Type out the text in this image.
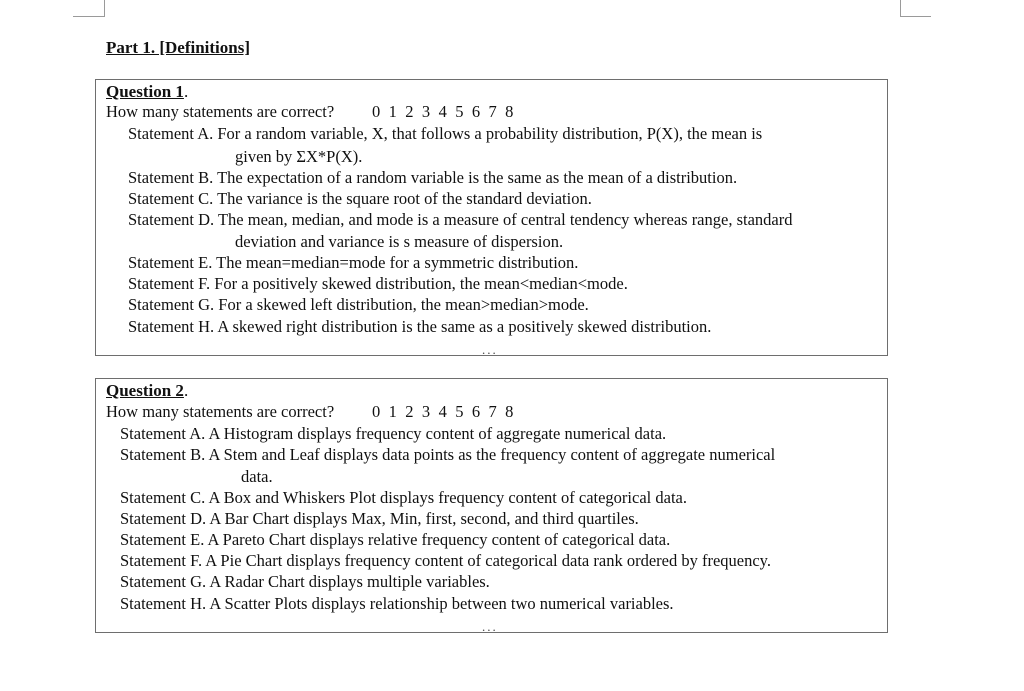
Part 1. [Definitions]
Question 1.
How many statements are correct? 0 1 2 3 4 5 6 7 8
Statement A. For a random variable, X, that follows a probability distribution, P(X), the mean is
given by ΣX*P(X).
Statement B. The expectation of a random variable is the same as the mean of a distribution.
Statement C. The variance is the square root of the standard deviation.
Statement D. The mean, median, and mode is a measure of central tendency whereas range, standard
deviation and variance is s measure of dispersion.
Statement E. The mean=median=mode for a symmetric distribution.
Statement F. For a positively skewed distribution, the mean<median<mode.
Statement G. For a skewed left distribution, the mean>median>mode.
Statement H. A skewed right distribution is the same as a positively skewed distribution.
...
Question 2.
How many statements are correct? 0 1 2 3 4 5 6 7 8
Statement A. A Histogram displays frequency content of aggregate numerical data.
Statement B. A Stem and Leaf displays data points as the frequency content of aggregate numerical
data.
Statement C. A Box and Whiskers Plot displays frequency content of categorical data.
Statement D. A Bar Chart displays Max, Min, first, second, and third quartiles.
Statement E. A Pareto Chart displays relative frequency content of categorical data.
Statement F. A Pie Chart displays frequency content of categorical data rank ordered by frequency.
Statement G. A Radar Chart displays multiple variables.
Statement H. A Scatter Plots displays relationship between two numerical variables.
...
